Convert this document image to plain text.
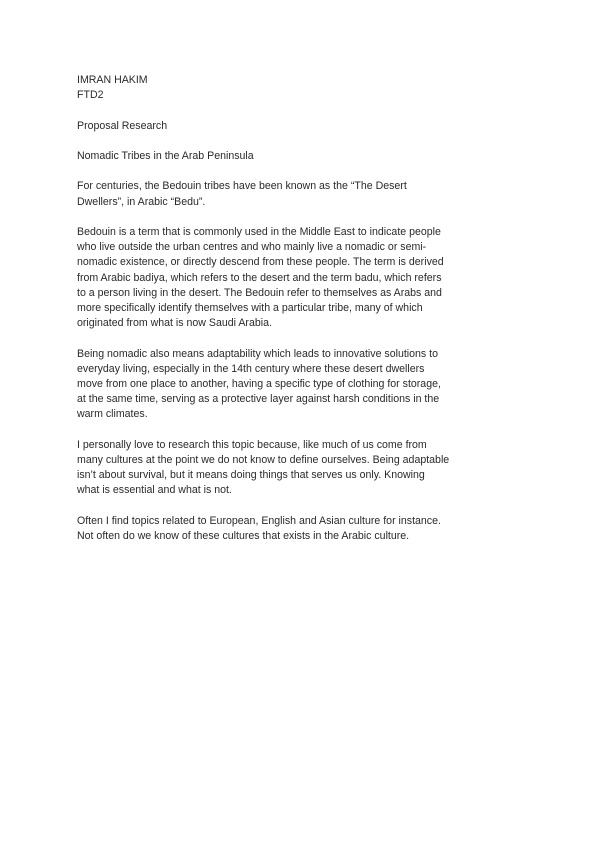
IMRAN HAKIM
FTD2
Proposal Research
Nomadic Tribes in the Arab Peninsula
For centuries, the Bedouin tribes have been known as the “The Desert
Dwellers”, in Arabic “Bedu”.
Bedouin is a term that is commonly used in the Middle East to indicate people
who live outside the urban centres and who mainly live a nomadic or semi-
nomadic existence, or directly descend from these people. The term is derived
from Arabic badiya, which refers to the desert and the term badu, which refers
to a person living in the desert. The Bedouin refer to themselves as Arabs and
more specifically identify themselves with a particular tribe, many of which
originated from what is now Saudi Arabia.
Being nomadic also means adaptability which leads to innovative solutions to
everyday living, especially in the 14th century where these desert dwellers
move from one place to another, having a specific type of clothing for storage,
at the same time, serving as a protective layer against harsh conditions in the
warm climates.
I personally love to research this topic because, like much of us come from
many cultures at the point we do not know to define ourselves. Being adaptable
isn’t about survival, but it means doing things that serves us only. Knowing
what is essential and what is not.
Often I find topics related to European, English and Asian culture for instance.
Not often do we know of these cultures that exists in the Arabic culture.
